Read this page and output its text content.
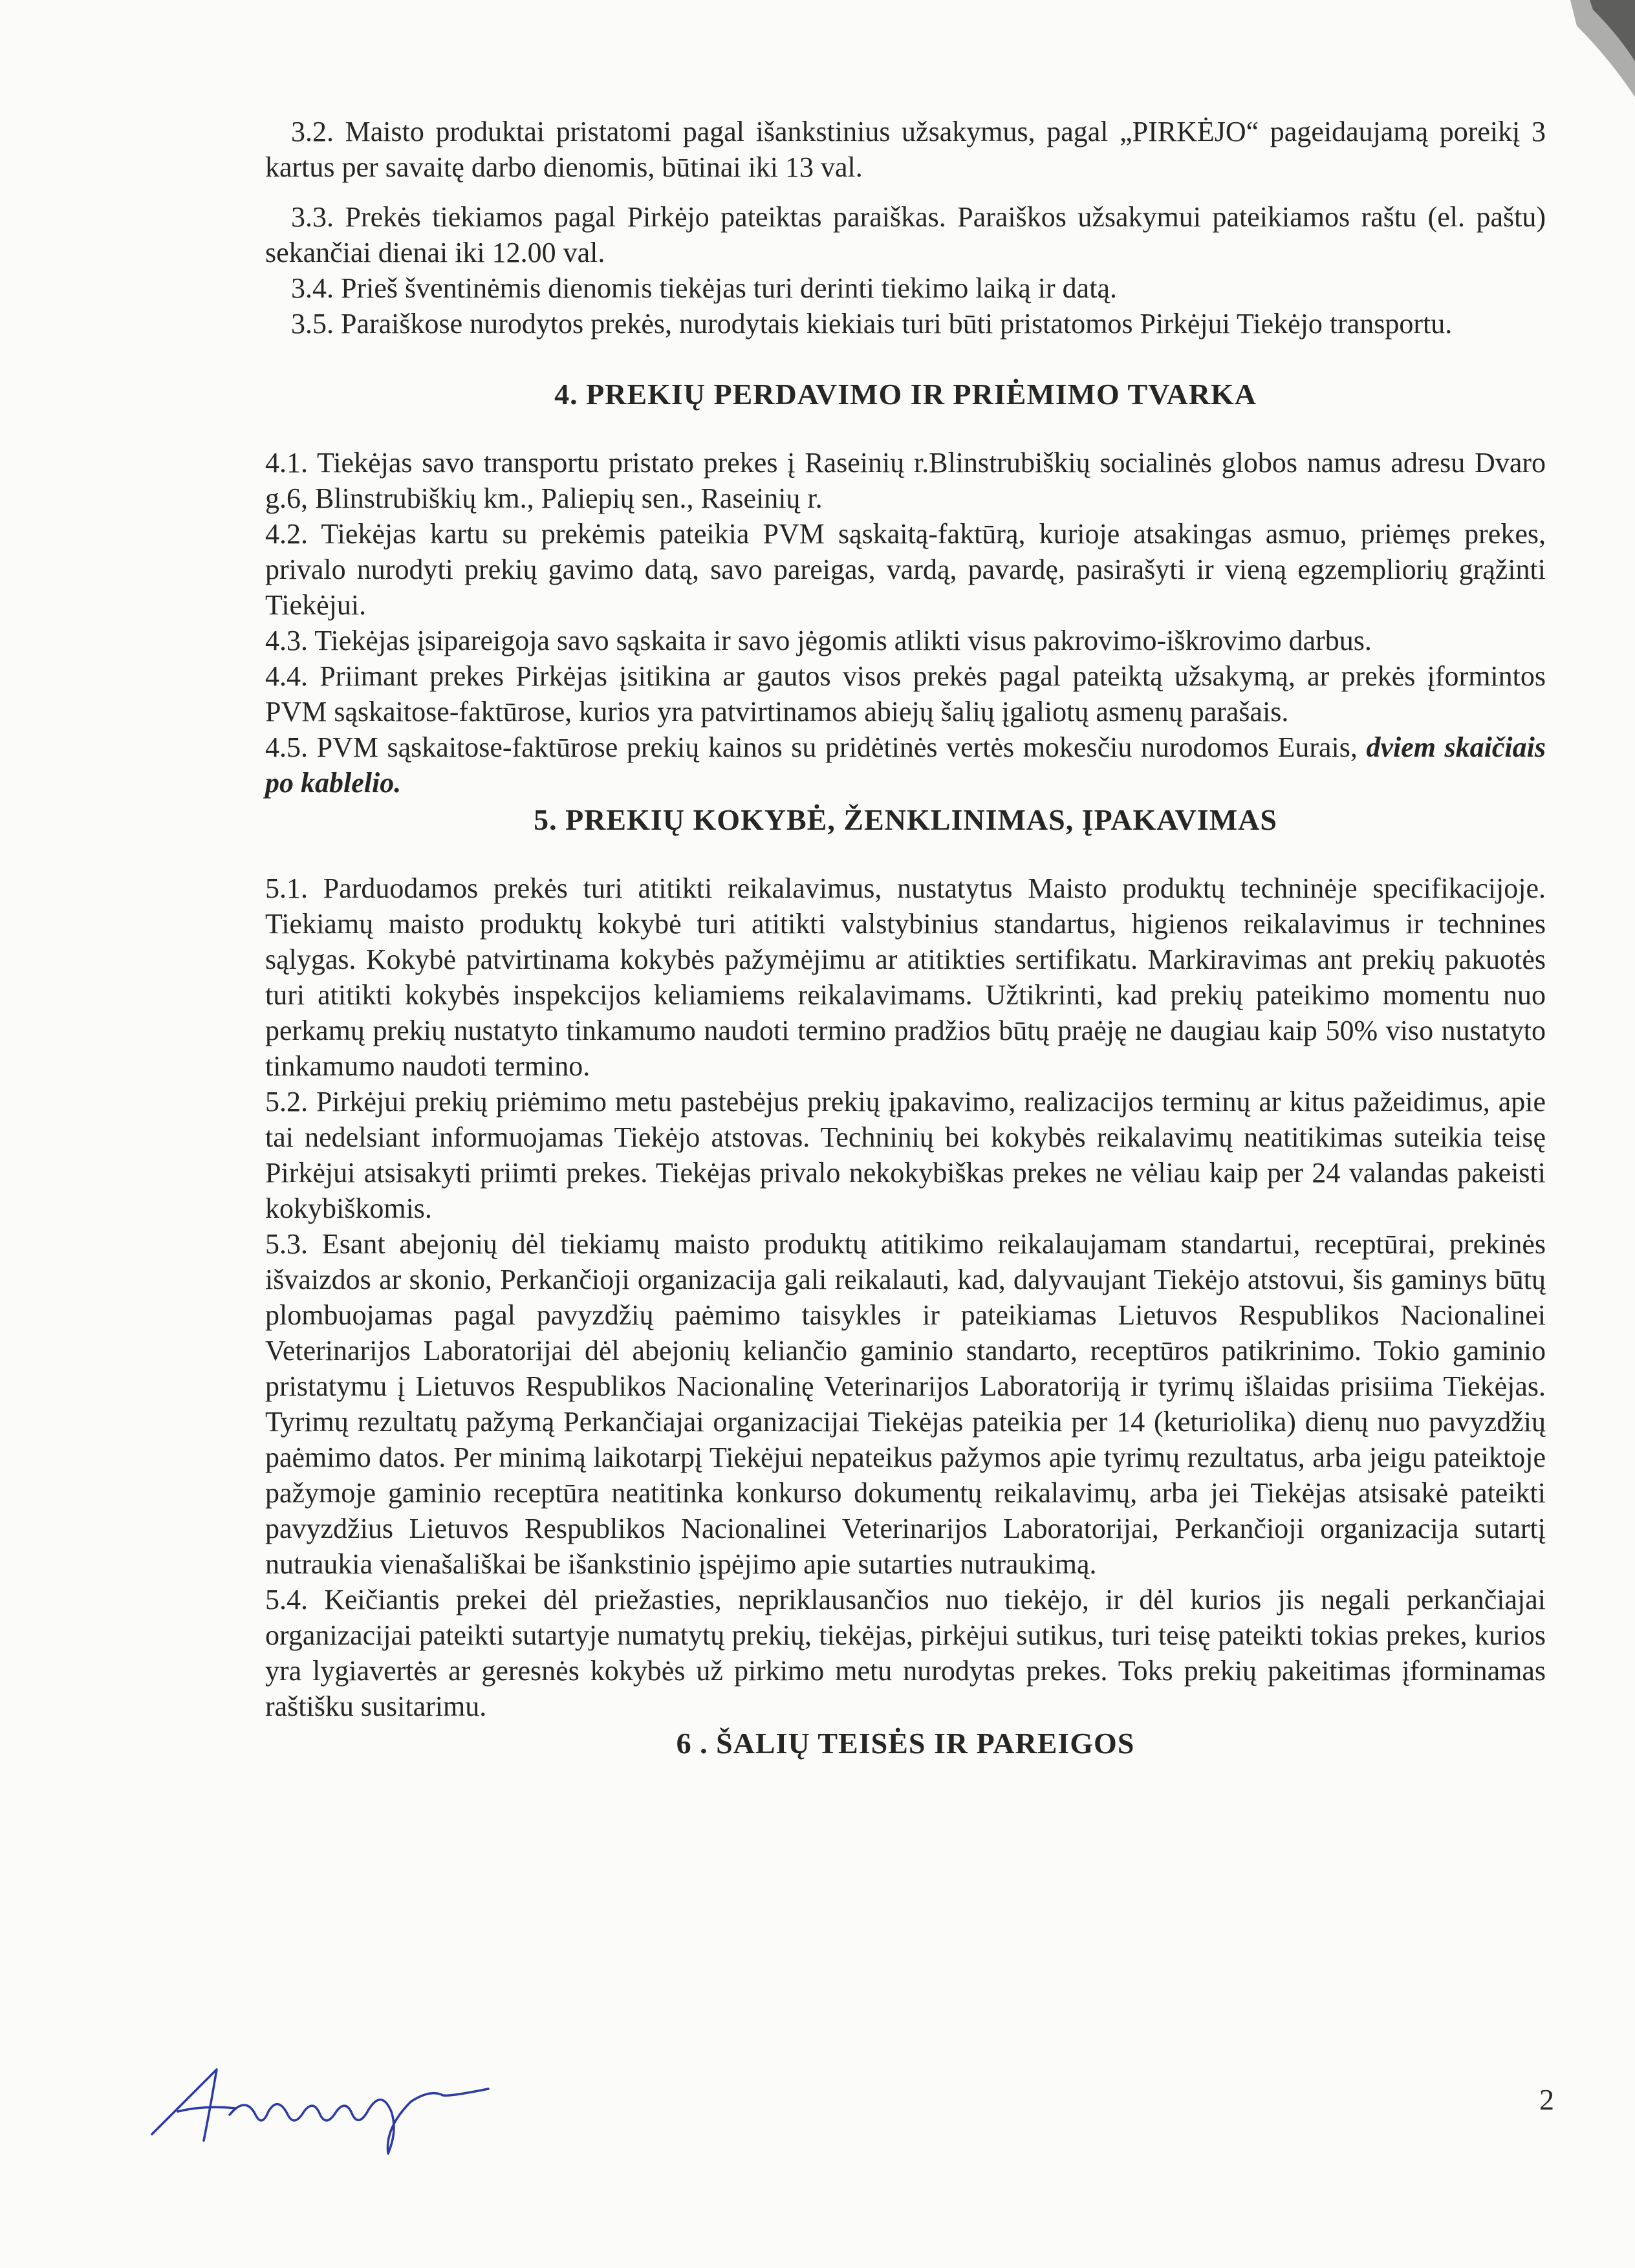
3.2. Maisto produktai pristatomi pagal išankstinius užsakymus, pagal „PIRKĖJO“ pageidaujamą poreikį 3 kartus per savaitę darbo dienomis, būtinai iki 13 val.

3.3. Prekės tiekiamos pagal Pirkėjo pateiktas paraiškas. Paraiškos užsakymui pateikiamos raštu (el. paštu) sekančiai dienai iki 12.00 val.

3.4. Prieš šventinėmis dienomis tiekėjas turi derinti tiekimo laiką ir datą.

3.5. Paraiškose nurodytos prekės, nurodytais kiekiais turi būti pristatomos Pirkėjui Tiekėjo transportu.

4. PREKIŲ PERDAVIMO IR PRIĖMIMO TVARKA

4.1. Tiekėjas savo transportu pristato prekes į Raseinių r.Blinstrubiškių socialinės globos namus adresu Dvaro g.6, Blinstrubiškių km., Paliepių sen., Raseinių r.

4.2. Tiekėjas kartu su prekėmis pateikia PVM sąskaitą-faktūrą, kurioje atsakingas asmuo, priėmęs prekes, privalo nurodyti prekių gavimo datą, savo pareigas, vardą, pavardę, pasirašyti ir vieną egzempliorių grąžinti Tiekėjui.

4.3. Tiekėjas įsipareigoja savo sąskaita ir savo jėgomis atlikti visus pakrovimo-iškrovimo darbus.

4.4. Priimant prekes Pirkėjas įsitikina ar gautos visos prekės pagal pateiktą užsakymą, ar prekės įformintos PVM sąskaitose-faktūrose, kurios yra patvirtinamos abiejų šalių įgaliotų asmenų parašais.

4.5. PVM sąskaitose-faktūrose prekių kainos su pridėtinės vertės mokesčiu nurodomos Eurais, dviem skaičiais po kablelio.

5. PREKIŲ KOKYBĖ, ŽENKLINIMAS, ĮPAKAVIMAS

5.1. Parduodamos prekės turi atitikti reikalavimus, nustatytus Maisto produktų techninėje specifikacijoje. Tiekiamų maisto produktų kokybė turi atitikti valstybinius standartus, higienos reikalavimus ir technines sąlygas. Kokybė patvirtinama kokybės pažymėjimu ar atitikties sertifikatu. Markiravimas ant prekių pakuotės turi atitikti kokybės inspekcijos keliamiems reikalavimams. Užtikrinti, kad prekių pateikimo momentu nuo perkamų prekių nustatyto tinkamumo naudoti termino pradžios būtų praėję ne daugiau kaip 50% viso nustatyto tinkamumo naudoti termino.

5.2. Pirkėjui prekių priėmimo metu pastebėjus prekių įpakavimo, realizacijos terminų ar kitus pažeidimus, apie tai nedelsiant informuojamas Tiekėjo atstovas. Techninių bei kokybės reikalavimų neatitikimas suteikia teisę Pirkėjui atsisakyti priimti prekes. Tiekėjas privalo nekokybiškas prekes ne vėliau kaip per 24 valandas pakeisti kokybiškomis.

5.3. Esant abejonių dėl tiekiamų maisto produktų atitikimo reikalaujamam standartui, receptūrai, prekinės išvaizdos ar skonio, Perkančioji organizacija gali reikalauti, kad, dalyvaujant Tiekėjo atstovui, šis gaminys būtų plombuojamas pagal pavyzdžių paėmimo taisykles ir pateikiamas Lietuvos Respublikos Nacionalinei Veterinarijos Laboratorijai dėl abejonių keliančio gaminio standarto, receptūros patikrinimo. Tokio gaminio pristatymu į Lietuvos Respublikos Nacionalinę Veterinarijos Laboratoriją ir tyrimų išlaidas prisiima Tiekėjas. Tyrimų rezultatų pažymą Perkančiajai organizacijai Tiekėjas pateikia per 14 (keturiolika) dienų nuo pavyzdžių paėmimo datos. Per minimą laikotarpį Tiekėjui nepateikus pažymos apie tyrimų rezultatus, arba jeigu pateiktoje pažymoje gaminio receptūra neatitinka konkurso dokumentų reikalavimų, arba jei Tiekėjas atsisakė pateikti pavyzdžius Lietuvos Respublikos Nacionalinei Veterinarijos Laboratorijai, Perkančioji organizacija sutartį nutraukia vienašališkai be išankstinio įspėjimo apie sutarties nutraukimą.

5.4. Keičiantis prekei dėl priežasties, nepriklausančios nuo tiekėjo, ir dėl kurios jis negali perkančiajai organizacijai pateikti sutartyje numatytų prekių, tiekėjas, pirkėjui sutikus, turi teisę pateikti tokias prekes, kurios yra lygiavertės ar geresnės kokybės už pirkimo metu nurodytas prekes. Toks prekių pakeitimas įforminamas raštišku susitarimu.

6 . ŠALIŲ TEISĖS IR PAREIGOS
2
